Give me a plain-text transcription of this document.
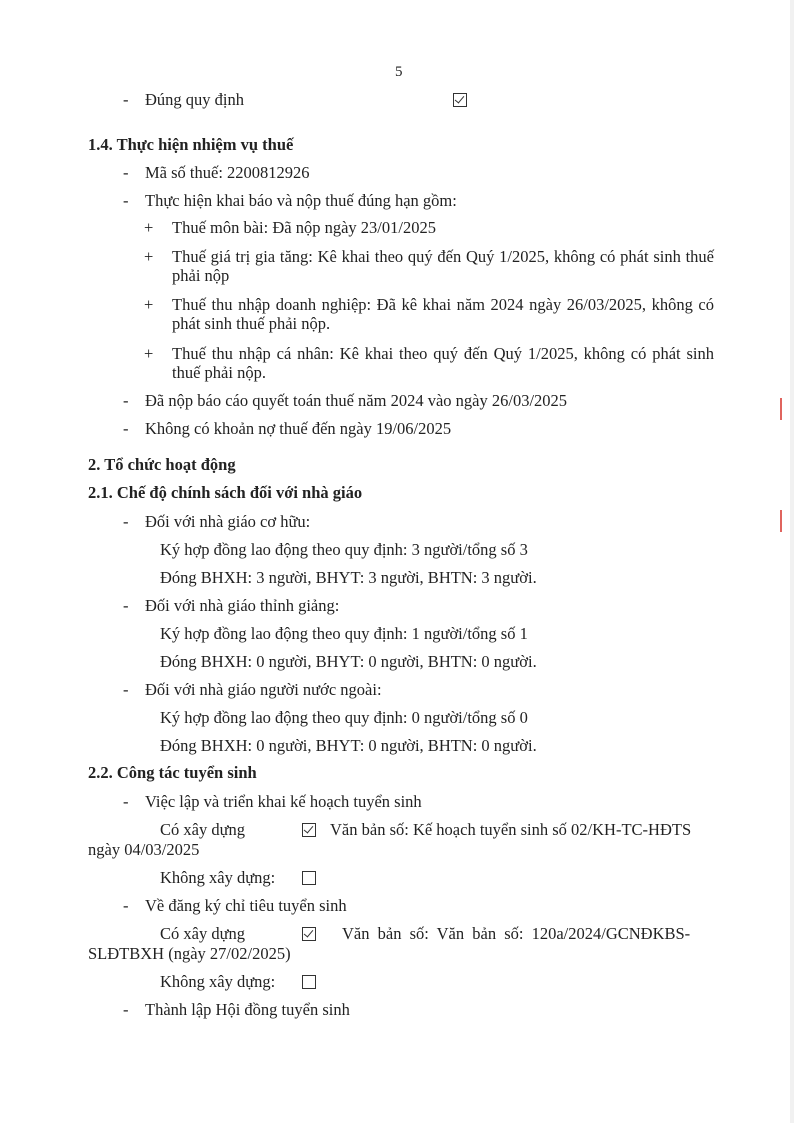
5
- Đúng quy định
1.4. Thực hiện nhiệm vụ thuế
- Mã số thuế: 2200812926
- Thực hiện khai báo và nộp thuế đúng hạn gồm:
+ Thuế môn bài: Đã nộp ngày 23/01/2025
+ Thuế giá trị gia tăng: Kê khai theo quý đến Quý 1/2025, không có phát sinh thuế phải nộp
+ Thuế thu nhập doanh nghiệp: Đã kê khai năm 2024 ngày 26/03/2025, không có phát sinh thuế phải nộp.
+ Thuế thu nhập cá nhân: Kê khai theo quý đến Quý 1/2025, không có phát sinh thuế phải nộp.
- Đã nộp báo cáo quyết toán thuế năm 2024 vào ngày 26/03/2025
- Không có khoản nợ thuế đến ngày 19/06/2025
2. Tổ chức hoạt động
2.1. Chế độ chính sách đối với nhà giáo
- Đối với nhà giáo cơ hữu:
Ký hợp đồng lao động theo quy định: 3 người/tổng số 3
Đóng BHXH: 3 người, BHYT: 3 người, BHTN: 3 người.
- Đối với nhà giáo thỉnh giảng:
Ký hợp đồng lao động theo quy định: 1 người/tổng số 1
Đóng BHXH: 0 người, BHYT: 0 người, BHTN: 0 người.
- Đối với nhà giáo người nước ngoài:
Ký hợp đồng lao động theo quy định: 0 người/tổng số 0
Đóng BHXH: 0 người, BHYT: 0 người, BHTN: 0 người.
2.2. Công tác tuyển sinh
- Việc lập và triển khai kế hoạch tuyển sinh
Có xây dựng	Văn bản số: Kế hoạch tuyển sinh số 02/KH-TC-HĐTS
ngày 04/03/2025
Không xây dựng:
- Về đăng ký chỉ tiêu tuyển sinh
Có xây dựng	Văn bản số: Văn bản số: 120a/2024/GCNĐKBS-
SLĐTBXH (ngày 27/02/2025)
Không xây dựng:
- Thành lập Hội đồng tuyển sinh
